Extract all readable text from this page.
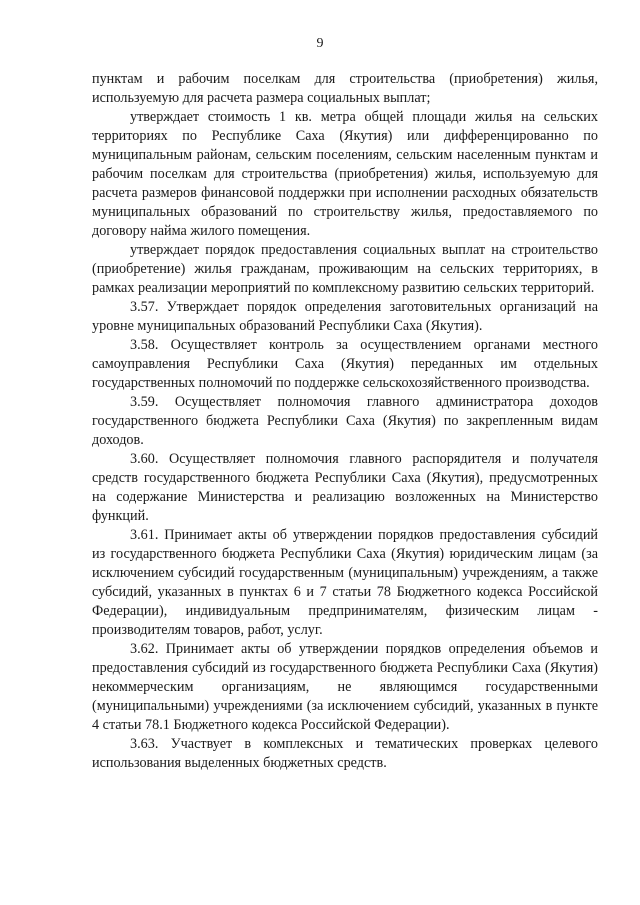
9

пунктам и рабочим поселкам для строительства (приобретения) жилья, используемую для расчета размера социальных выплат;

утверждает стоимость 1 кв. метра общей площади жилья на сельских территориях по Республике Саха (Якутия) или дифференцированно по муниципальным районам, сельским поселениям, сельским населенным пунктам и рабочим поселкам для строительства (приобретения) жилья, используемую для расчета размеров финансовой поддержки при исполнении расходных обязательств муниципальных образований по строительству жилья, предоставляемого по договору найма жилого помещения.

утверждает порядок предоставления социальных выплат на строительство (приобретение) жилья гражданам, проживающим на сельских территориях, в рамках реализации мероприятий по комплексному развитию сельских территорий.

3.57. Утверждает порядок определения заготовительных организаций на уровне муниципальных образований Республики Саха (Якутия).

3.58. Осуществляет контроль за осуществлением органами местного самоуправления Республики Саха (Якутия) переданных им отдельных государственных полномочий по поддержке сельскохозяйственного производства.

3.59. Осуществляет полномочия главного администратора доходов государственного бюджета Республики Саха (Якутия) по закрепленным видам доходов.

3.60. Осуществляет полномочия главного распорядителя и получателя средств государственного бюджета Республики Саха (Якутия), предусмотренных на содержание Министерства и реализацию возложенных на Министерство функций.

3.61. Принимает акты об утверждении порядков предоставления субсидий из государственного бюджета Республики Саха (Якутия) юридическим лицам (за исключением субсидий государственным (муниципальным) учреждениям, а также субсидий, указанных в пунктах 6 и 7 статьи 78 Бюджетного кодекса Российской Федерации), индивидуальным предпринимателям, физическим лицам - производителям товаров, работ, услуг.

3.62. Принимает акты об утверждении порядков определения объемов и предоставления субсидий из государственного бюджета Республики Саха (Якутия) некоммерческим организациям, не являющимся государственными (муниципальными) учреждениями (за исключением субсидий, указанных в пункте 4 статьи 78.1 Бюджетного кодекса Российской Федерации).

3.63. Участвует в комплексных и тематических проверках целевого использования выделенных бюджетных средств.
